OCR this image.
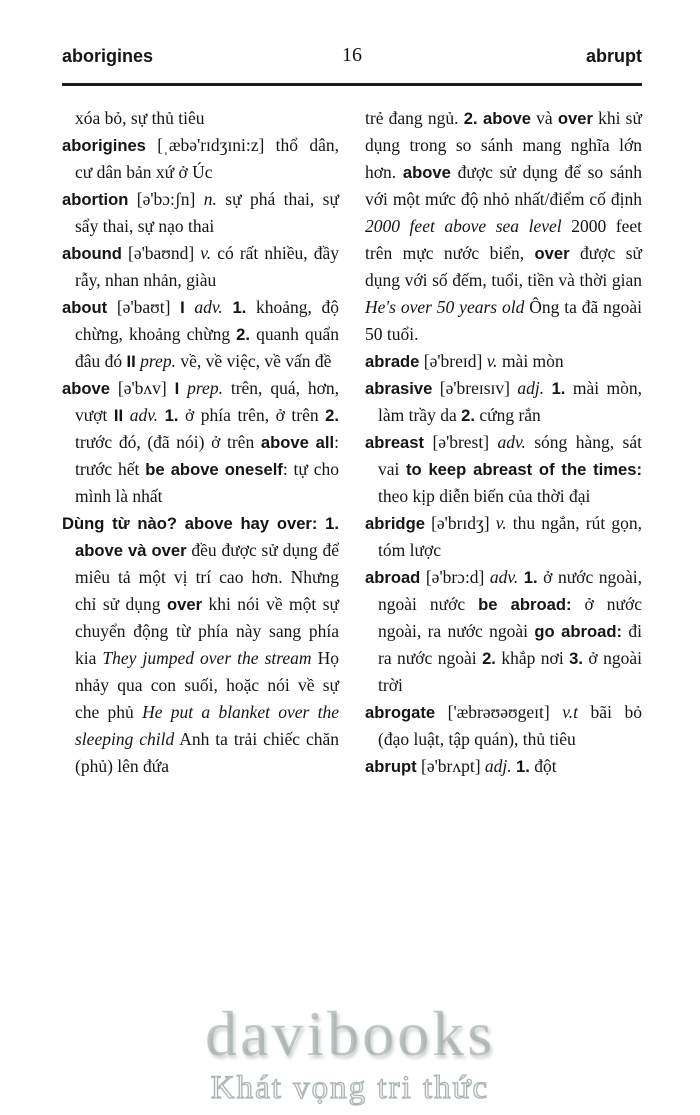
aborigines	16	abrupt

xóa bỏ, sự thủ tiêu

aborigines [ˌæbə'rɪdʒɪni:z] thổ dân, cư dân bản xứ ở Úc

abortion [ə'bɔ:ʃn] n. sự phá thai, sự sẩy thai, sự nạo thai

abound [ə'baʊnd] v. có rất nhiều, đầy rẫy, nhan nhản, giàu

about [ə'baʊt] I adv. 1. khoảng, độ chừng, khoảng chừng 2. quanh quẩn đâu đó II prep. về, về việc, về vấn đề

above [ə'bʌv] I prep. trên, quá, hơn, vượt II adv. 1. ở phía trên, ở trên 2. trước đó, (đã nói) ở trên above all: trước hết be above oneself: tự cho mình là nhất

Dùng từ nào? above hay over: 1. above và over đều được sử dụng để miêu tả một vị trí cao hơn. Nhưng chỉ sử dụng over khi nói về một sự chuyển động từ phía này sang phía kia They jumped over the stream Họ nhảy qua con suối, hoặc nói về sự che phủ He put a blanket over the sleeping child Anh ta trải chiếc chăn (phủ) lên đứa

trẻ đang ngủ. 2. above và over khi sử dụng trong so sánh mang nghĩa lớn hơn. above được sử dụng để so sánh với một mức độ nhỏ nhất/điểm cố định 2000 feet above sea level 2000 feet trên mực nước biển, over được sử dụng với số đếm, tuổi, tiền và thời gian He's over 50 years old Ông ta đã ngoài 50 tuổi.

abrade [ə'breɪd] v. mài mòn

abrasive [ə'breɪsɪv] adj. 1. mài mòn, làm trầy da 2. cứng rắn

abreast [ə'brest] adv. sóng hàng, sát vai to keep abreast of the times: theo kịp diễn biến của thời đại

abridge [ə'brɪdʒ] v. thu ngắn, rút gọn, tóm lược

abroad [ə'brɔ:d] adv. 1. ở nước ngoài, ngoài nước be abroad: ở nước ngoài, ra nước ngoài go abroad: đi ra nước ngoài 2. khắp nơi 3. ở ngoài trời

abrogate ['æbrəʊəʊgeɪt] v.t bãi bỏ (đạo luật, tập quán), thủ tiêu

abrupt [ə'brʌpt] adj. 1. đột

davibooks
Khát vọng tri thức
